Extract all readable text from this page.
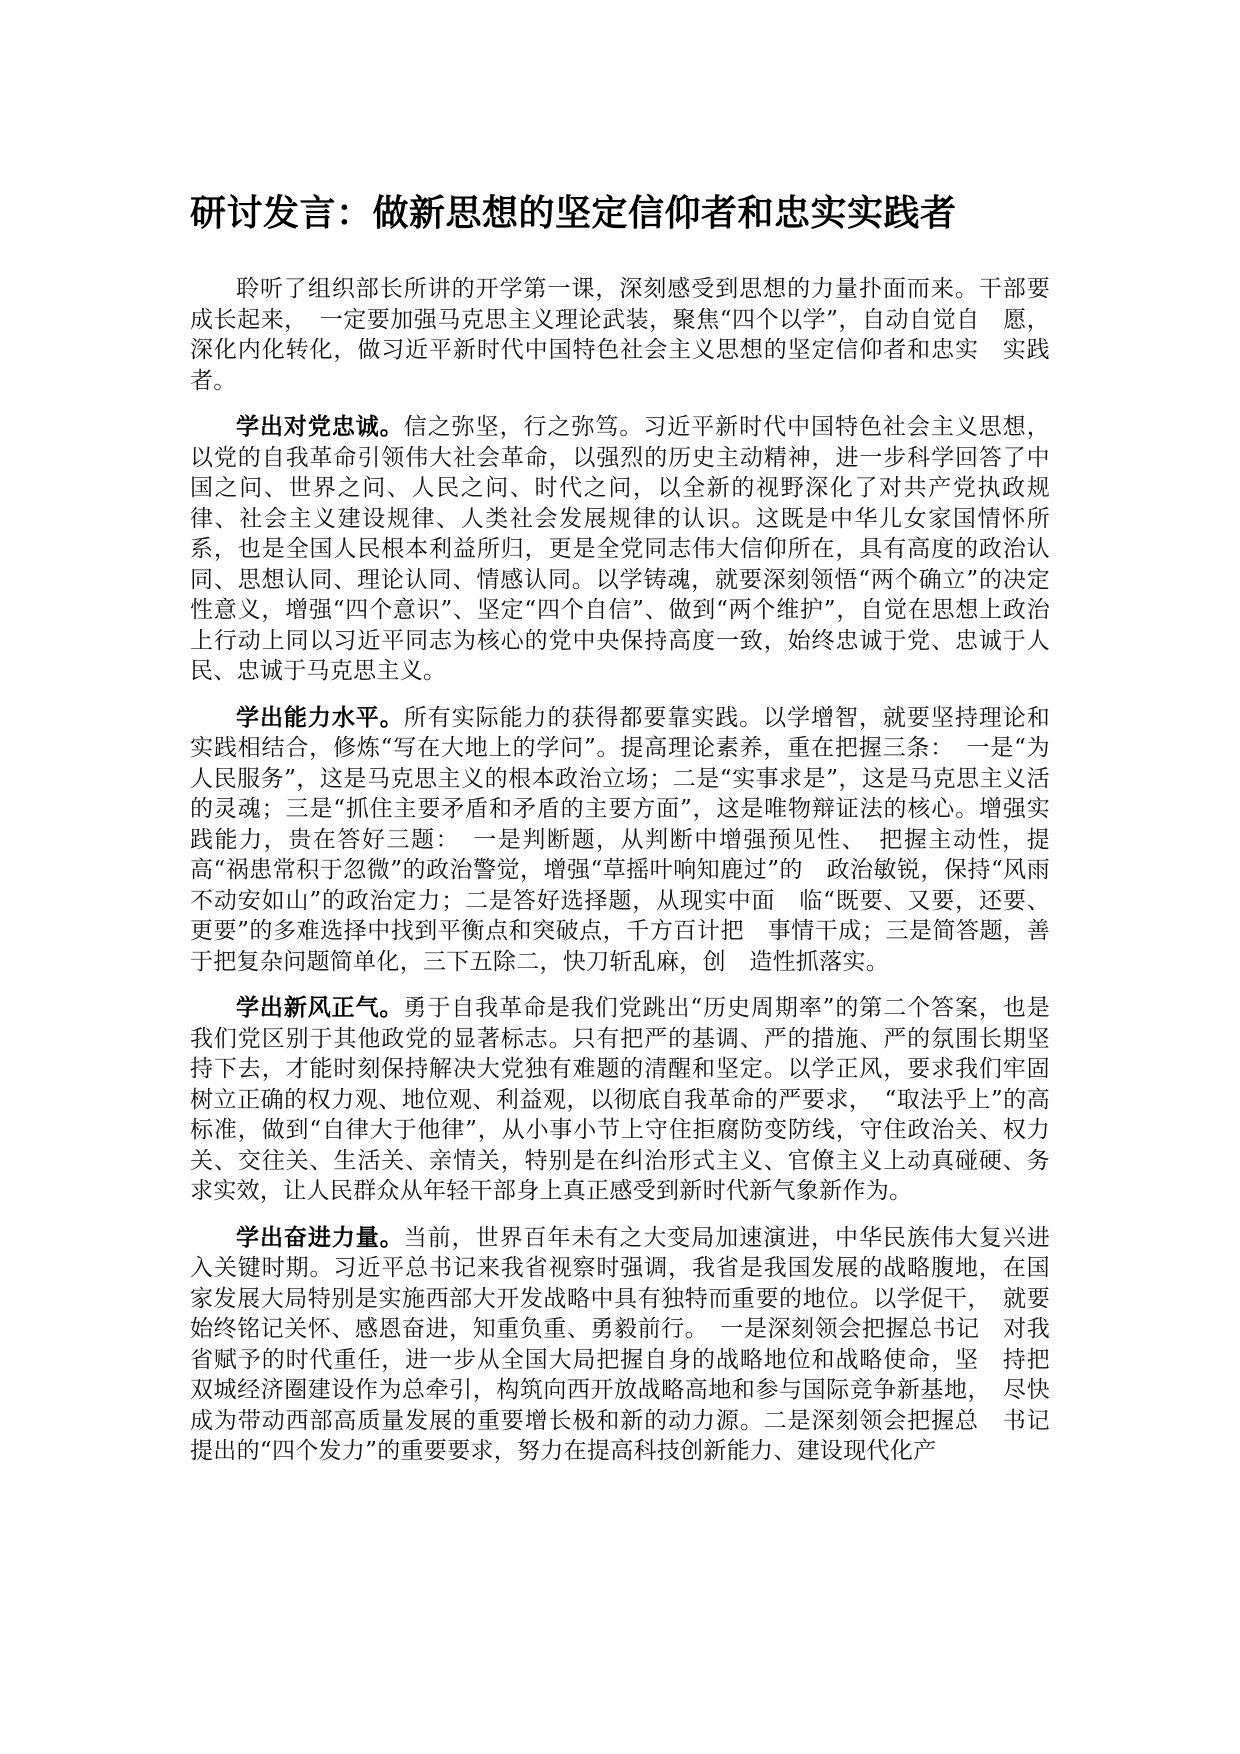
研讨发言：做新思想的坚定信仰者和忠实实践者

聆听了组织部长所讲的开学第一课，深刻感受到思想的力量扑面而来。干部要成长起来，　一定要加强马克思主义理论武装，聚焦“四个以学”，自动自觉自　愿，深化内化转化，做习近平新时代中国特色社会主义思想的坚定信仰者和忠实　实践者。

学出对党忠诚。信之弥坚，行之弥笃。习近平新时代中国特色社会主义思想，以党的自我革命引领伟大社会革命，以强烈的历史主动精神，进一步科学回答了中国之问、世界之问、人民之问、时代之问，以全新的视野深化了对共产党执政规律、社会主义建设规律、人类社会发展规律的认识。这既是中华儿女家国情怀所系，也是全国人民根本利益所归，更是全党同志伟大信仰所在，具有高度的政治认同、思想认同、理论认同、情感认同。以学铸魂，就要深刻领悟“两个确立”的决定性意义，增强“四个意识”、坚定“四个自信”、做到“两个维护”，自觉在思想上政治上行动上同以习近平同志为核心的党中央保持高度一致，始终忠诚于党、忠诚于人民、忠诚于马克思主义。

学出能力水平。所有实际能力的获得都要靠实践。以学增智，就要坚持理论和实践相结合，修炼“写在大地上的学问”。提高理论素养，重在把握三条：　一是“为人民服务”，这是马克思主义的根本政治立场；二是“实事求是”，这是马克思主义活的灵魂；三是“抓住主要矛盾和矛盾的主要方面”，这是唯物辩证法的核心。增强实践能力，贵在答好三题：　一是判断题，从判断中增强预见性、　把握主动性，提高“祸患常积于忽微”的政治警觉，增强“草摇叶响知鹿过”的　政治敏锐，保持“风雨不动安如山”的政治定力；二是答好选择题，从现实中面　临“既要、又要，还要、更要”的多难选择中找到平衡点和突破点，千方百计把　事情干成；三是简答题，善于把复杂问题简单化，三下五除二，快刀斩乱麻，创　造性抓落实。

学出新风正气。勇于自我革命是我们党跳出“历史周期率”的第二个答案，也是我们党区别于其他政党的显著标志。只有把严的基调、严的措施、严的氛围长期坚持下去，才能时刻保持解决大党独有难题的清醒和坚定。以学正风，要求我们牢固树立正确的权力观、地位观、利益观，以彻底自我革命的严要求，　“取法乎上”的高标准，做到“自律大于他律”，从小事小节上守住拒腐防变防线，守住政治关、权力关、交往关、生活关、亲情关，特别是在纠治形式主义、官僚主义上动真碰硬、务求实效，让人民群众从年轻干部身上真正感受到新时代新气象新作为。

学出奋进力量。当前，世界百年未有之大变局加速演进，中华民族伟大复兴进入关键时期。习近平总书记来我省视察时强调，我省是我国发展的战略腹地，在国家发展大局特别是实施西部大开发战略中具有独特而重要的地位。以学促干，　就要始终铭记关怀、感恩奋进，知重负重、勇毅前行。　一是深刻领会把握总书记　对我省赋予的时代重任，进一步从全国大局把握自身的战略地位和战略使命，坚　持把双城经济圈建设作为总牵引，构筑向西开放战略高地和参与国际竞争新基地，　尽快成为带动西部高质量发展的重要增长极和新的动力源。二是深刻领会把握总　书记提出的“四个发力”的重要要求，努力在提高科技创新能力、建设现代化产
